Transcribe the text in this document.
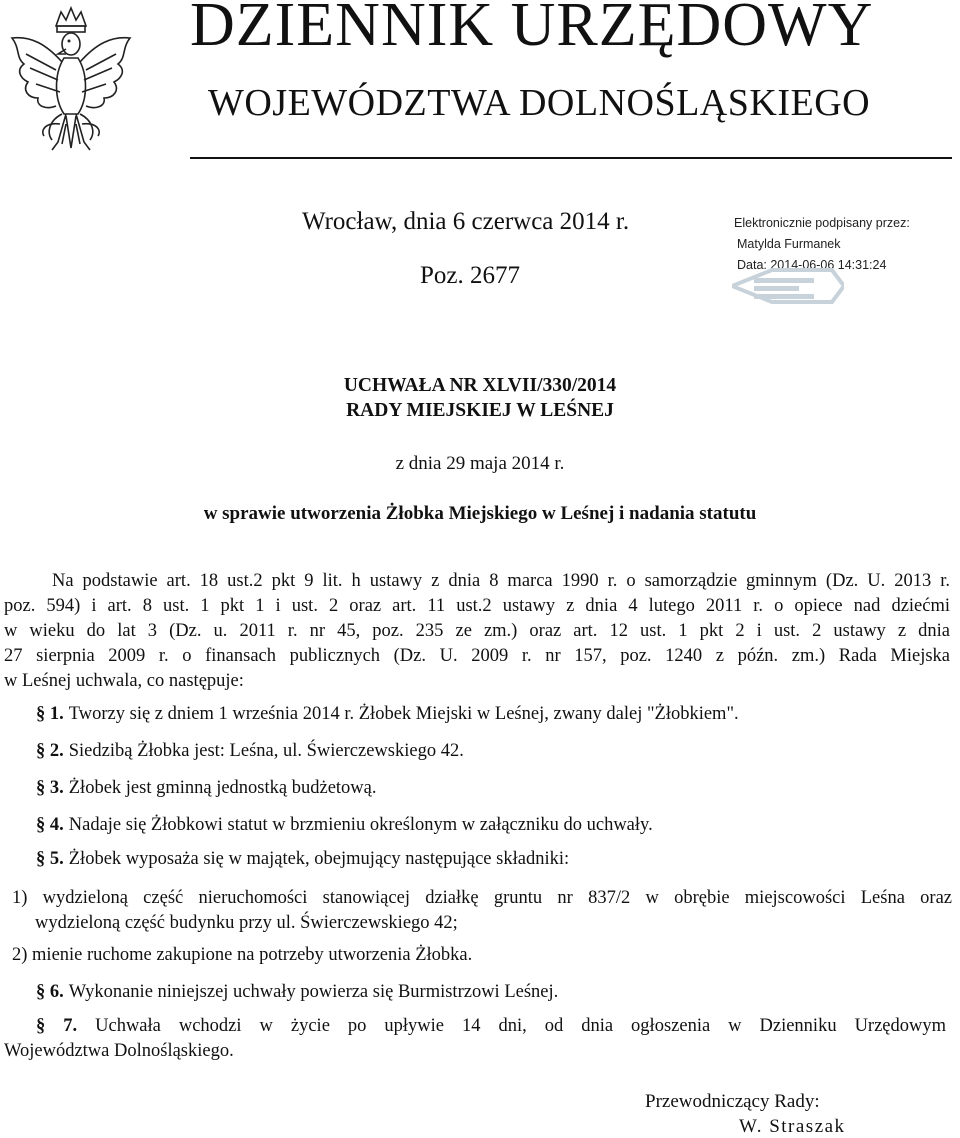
DZIENNIK URZĘDOWY
WOJEWÓDZTWA DOLNOŚLĄSKIEGO
Wrocław, dnia 6 czerwca 2014 r.
Poz. 2677
Elektronicznie podpisany przez:
Matylda Furmanek
Data: 2014-06-06 14:31:24
UCHWAŁA NR XLVII/330/2014
RADY MIEJSKIEJ W LEŚNEJ
z dnia 29 maja 2014 r.
w sprawie utworzenia Żłobka Miejskiego w Leśnej i nadania statutu
Na podstawie art. 18 ust.2 pkt 9 lit. h ustawy z dnia 8 marca 1990 r. o samorządzie gminnym (Dz. U. 2013 r.
poz. 594) i art. 8 ust. 1 pkt 1 i ust. 2 oraz art. 11 ust.2 ustawy z dnia 4 lutego 2011 r. o opiece nad dziećmi
w wieku do lat 3 (Dz. u. 2011 r. nr 45, poz. 235 ze zm.) oraz art. 12 ust. 1 pkt 2 i ust. 2 ustawy z dnia
27 sierpnia 2009 r. o finansach publicznych (Dz. U. 2009 r. nr 157, poz. 1240 z późn. zm.) Rada Miejska
w Leśnej uchwala, co następuje:
§ 1. Tworzy się z dniem 1 września 2014 r. Żłobek Miejski w Leśnej, zwany dalej "Żłobkiem".
§ 2. Siedzibą Żłobka jest: Leśna, ul. Świerczewskiego 42.
§ 3. Żłobek jest gminną jednostką budżetową.
§ 4. Nadaje się Żłobkowi statut w brzmieniu określonym w załączniku do uchwały.
§ 5. Żłobek wyposaża się w majątek, obejmujący następujące składniki:
1) wydzieloną część nieruchomości stanowiącej działkę gruntu nr 837/2 w obrębie miejscowości Leśna oraz
wydzieloną część budynku przy ul. Świerczewskiego 42;
2) mienie ruchome zakupione na potrzeby utworzenia Żłobka.
§ 6. Wykonanie niniejszej uchwały powierza się Burmistrzowi Leśnej.
§ 7. Uchwała wchodzi w życie po upływie 14 dni, od dnia ogłoszenia w Dzienniku Urzędowym
Województwa Dolnośląskiego.
Przewodniczący Rady:
W. Straszak
